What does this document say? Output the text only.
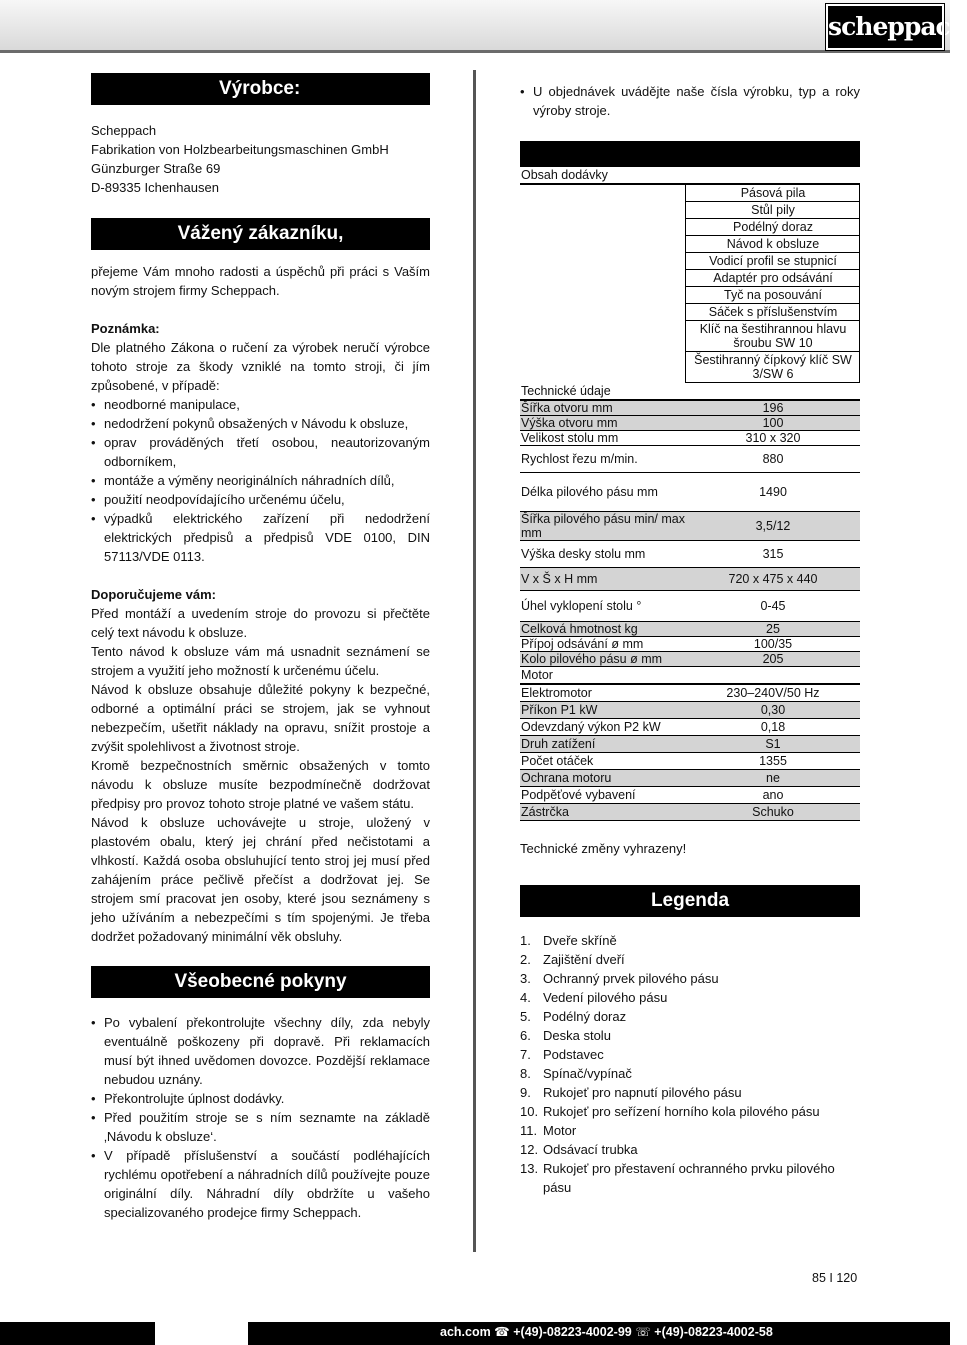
scheppach
Výrobce:

Scheppach

Fabrikation von Holzbearbeitungsmaschinen GmbH

Günzburger Straße 69

D-89335 Ichenhausen

Vážený zákazníku,

přejeme Vám mnoho radosti a úspěchů při práci s Vaším novým strojem firmy Scheppach.

Poznámka:

Dle platného Zákona o ručení za výrobek neručí výrobce tohoto stroje za škody vzniklé na tomto stroji, či jím způsobené, v případě:

• neodborné manipulace,
• nedodržení pokynů obsažených v Návodu k obsluze,
• oprav prováděných třetí osobou, neautorizovaným odborníkem,
• montáže a výměny neoriginálních náhradních dílů,
• použití neodpovídajícího určenému účelu,
• výpadků elektrického zařízení při nedodržení elektrických předpisů a předpisů VDE 0100, DIN 57113/VDE 0113.

Doporučujeme vám:

Před montáží a uvedením stroje do provozu si přečtěte celý text návodu k obsluze.

Tento návod k obsluze vám má usnadnit seznámení se strojem a využití jeho možností k určenému účelu.

Návod k obsluze obsahuje důležité pokyny k bezpečné, odborné a optimální práci se strojem, jak se vyhnout nebezpečím, ušetřit náklady na opravu, snížit prostoje a zvýšit spolehlivost a životnost stroje.

Kromě bezpečnostních směrnic obsažených v tomto návodu k obsluze musíte bezpodmínečně dodržovat předpisy pro provoz tohoto stroje platné ve vašem státu.

Návod k obsluze uchovávejte u stroje, uložený v plastovém obalu, který jej chrání před nečistotami a vlhkostí. Každá osoba obsluhující tento stroj jej musí před zahájením práce pečlivě přečíst a dodržovat jej. Se strojem smí pracovat jen osoby, které jsou seznámeny s jeho užíváním a nebezpečími s tím spojenými. Je třeba dodržet požadovaný minimální věk obsluhy.

Všeobecné pokyny
• Po vybalení překontrolujte všechny díly, zda nebyly eventuálně poškozeny při dopravě. Při reklamacích musí být ihned uvědomen dovozce. Pozdější reklamace nebudou uznány.
• Překontrolujte úplnost dodávky.
• Před použitím stroje se s ním seznamte na základě ‚Návodu k obsluze‘.
• V případě příslušenství a součástí podléhajících rychlému opotřebení a náhradních dílů používejte pouze originální díly. Náhradní díly obdržíte u vašeho specializovaného prodejce firmy Scheppach.
• U objednávek uvádějte naše čísla výrobku, typ a roky výroby stroje.

Obsah dodávky	
	Pásová pila
	Stůl pily
	Podélný doraz
	Návod k obsluze
	Vodicí profil se stupnicí
	Adaptér pro odsávání
	Tyč na posouvání
	Sáček s příslušenstvím
	Klíč na šestihrannou hlavu šroubu SW 10
	Šestihranný čípkový klíč SW 3/SW 6
Technické údaje	
Šířka otvoru mm	196
Výška otvoru mm	100
Velikost stolu mm	310 x 320
Rychlost řezu m/min.	880
Délka pilového pásu mm	1490
Šířka pilového pásu min/ max mm	3,5/12
Výška desky stolu mm	315
V x Š x H mm	720 x 475 x 440
Úhel vyklopení stolu °	0-45
Celková hmotnost kg	25
Přípoj odsávání ø mm	100/35
Kolo pilového pásu ø mm	205
Motor	
Elektromotor	230–240V/50 Hz
Příkon P1 kW	0,30
Odevzdaný výkon P2 kW	0,18
Druh zatížení	S1
Počet otáček	1355
Ochrana motoru	ne
Podpěťové vybavení	ano
Zástrčka	Schuko

Technické změny vyhrazeny!

Legenda
1. Dveře skříně
2. Zajištění dveří
3. Ochranný prvek pilového pásu
4. Vedení pilového pásu
5. Podélný doraz
6. Deska stolu
7. Podstavec
8. Spínač/vypínač
9. Rukojeť pro napnutí pilového pásu
10. Rukojeť pro seřízení horního kola pilového pásu
11. Motor
12. Odsávací trubka
13. Rukojeť pro přestavení ochranného prvku pilového pásu
85 I 120
ach.com ☎ +(49)-08223-4002-99 ☏ +(49)-08223-4002-58
